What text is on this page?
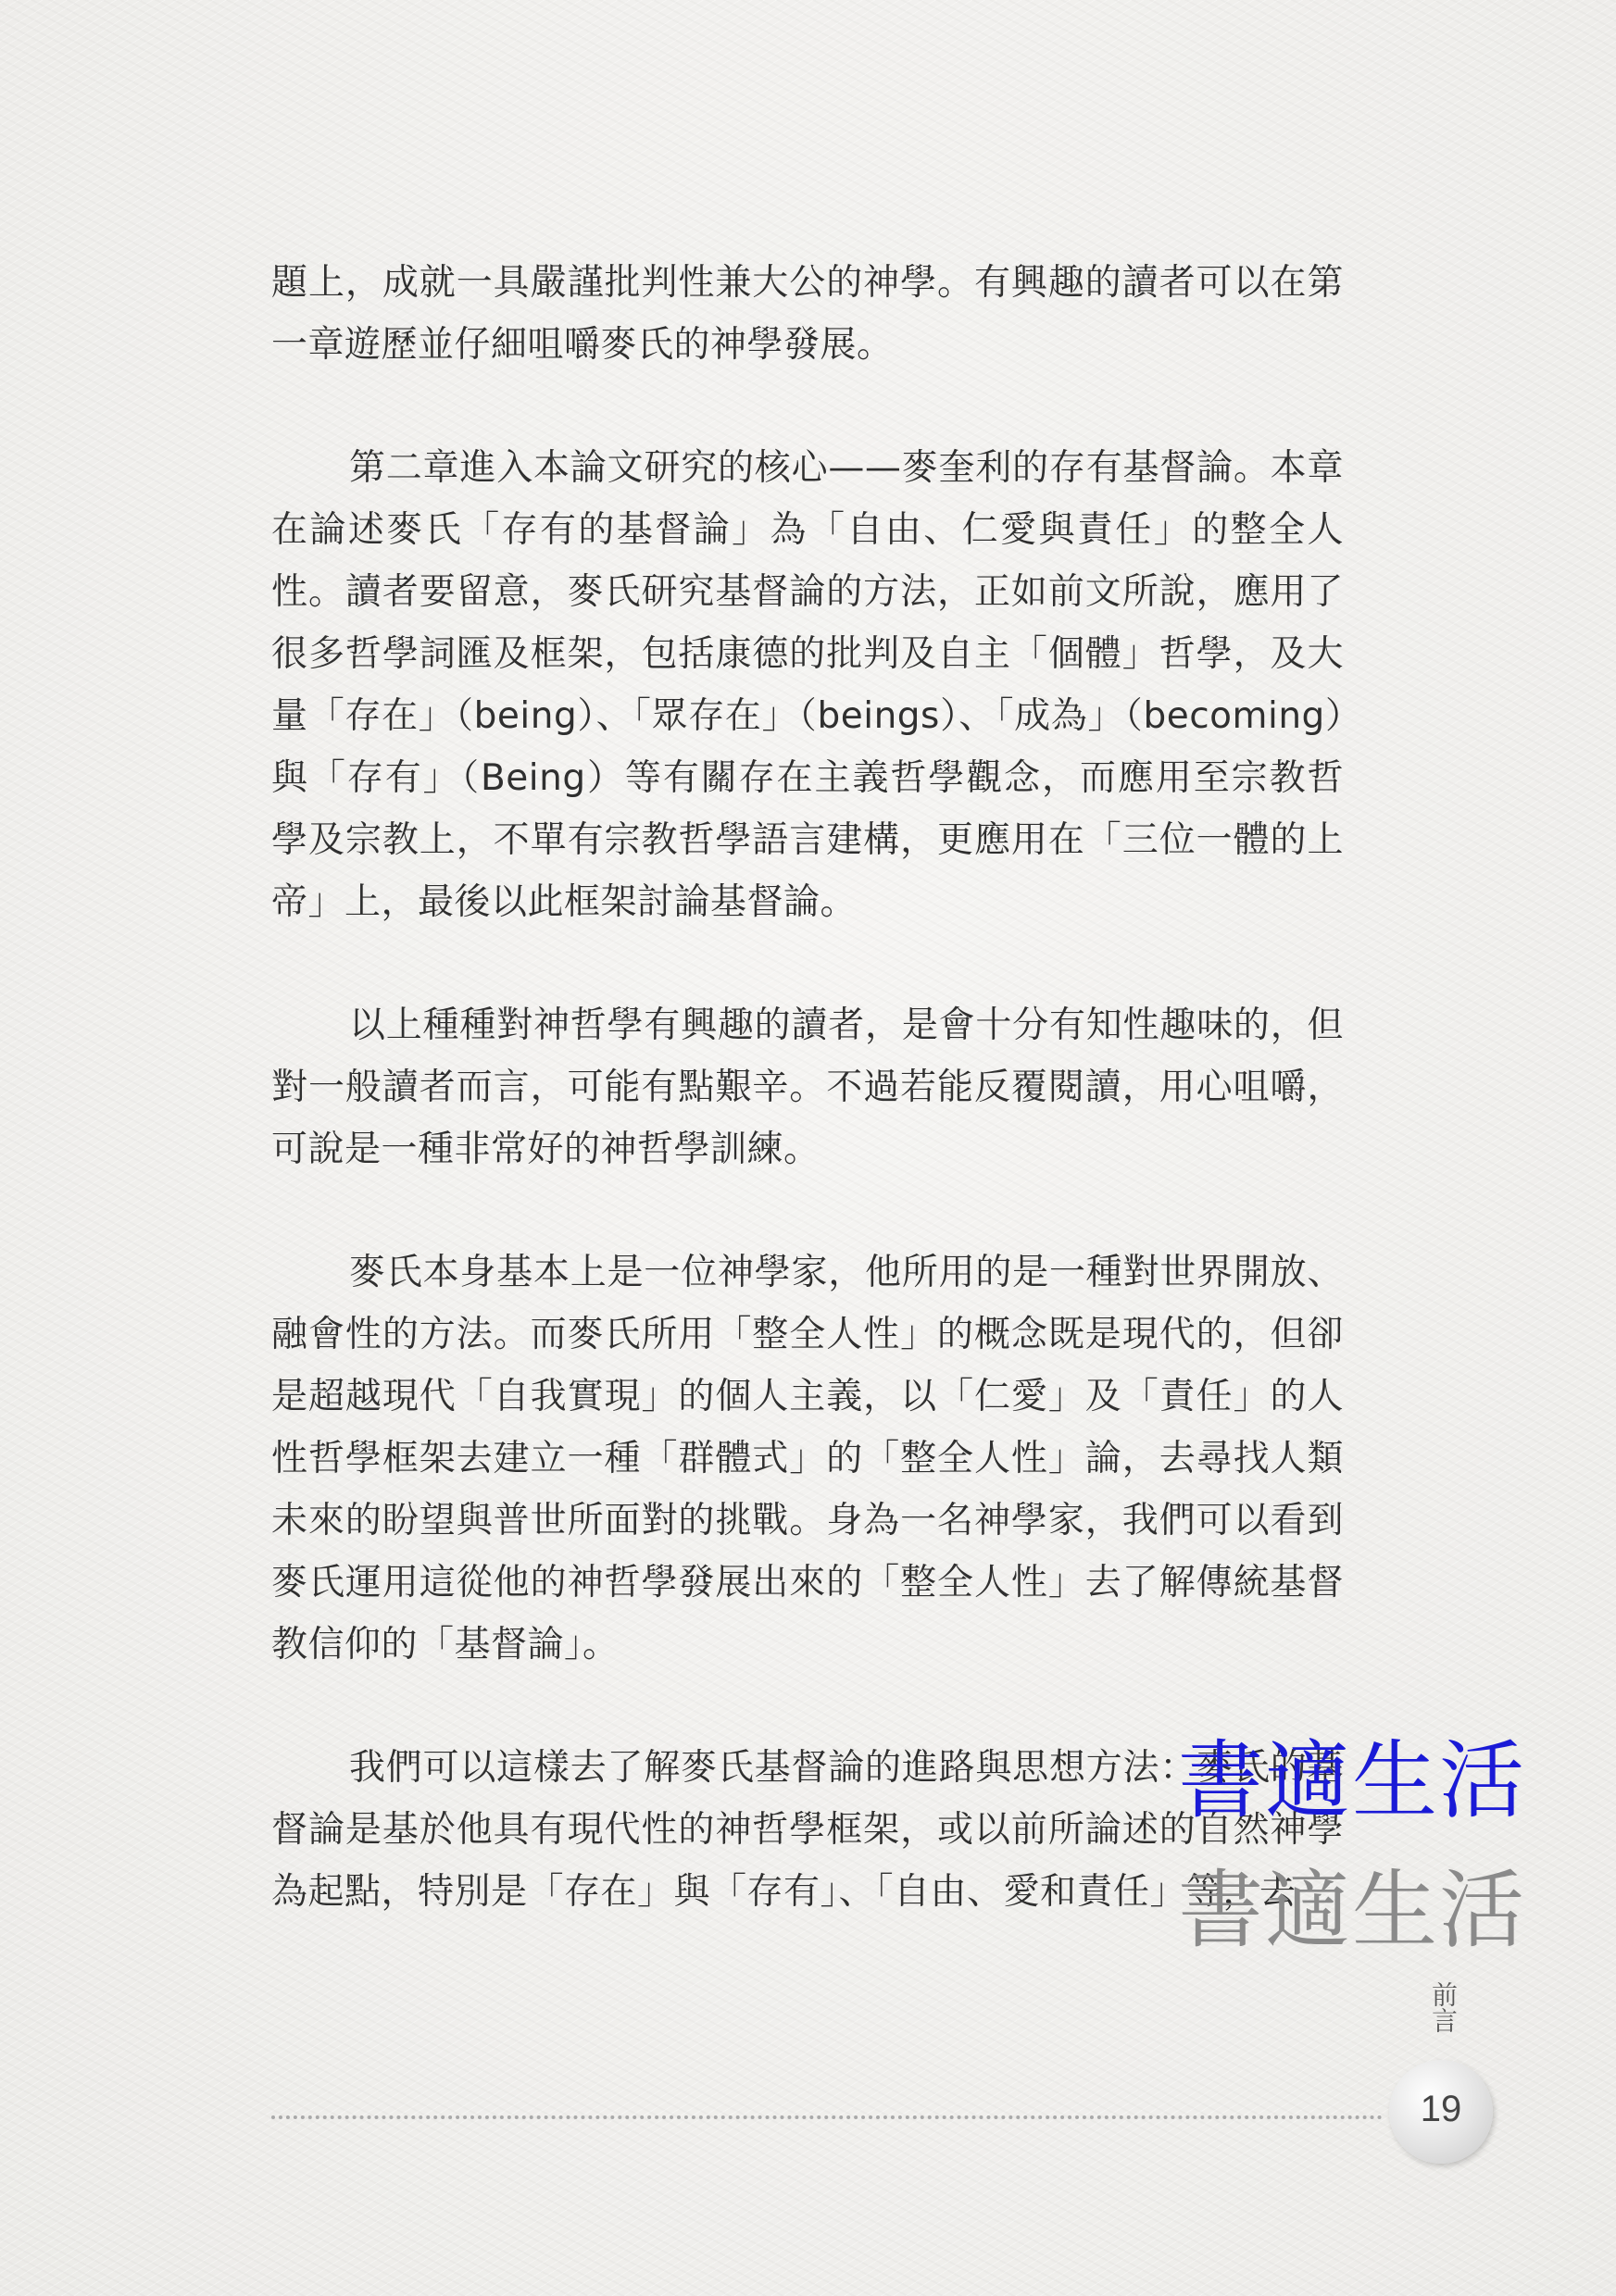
題上，成就一具嚴謹批判性兼大公的神學。有興趣的讀者可以在第一章遊歷並仔細咀嚼麥氏的神學發展。

第二章進入本論文研究的核心——麥奎利的存有基督論。本章在論述麥氏「存有的基督論」為「自由、仁愛與責任」的整全人性。讀者要留意，麥氏研究基督論的方法，正如前文所說，應用了很多哲學詞匯及框架，包括康德的批判及自主「個體」哲學，及大量「存在」（being）、「眾存在」（beings）、「成為」（becoming）與「存有」（Being）等有關存在主義哲學觀念，而應用至宗教哲學及宗教上，不單有宗教哲學語言建構，更應用在「三位一體的上帝」上，最後以此框架討論基督論。

以上種種對神哲學有興趣的讀者，是會十分有知性趣味的，但對一般讀者而言，可能有點艱辛。不過若能反覆閱讀，用心咀嚼，可說是一種非常好的神哲學訓練。

麥氏本身基本上是一位神學家，他所用的是一種對世界開放、融會性的方法。而麥氏所用「整全人性」的概念既是現代的，但卻是超越現代「自我實現」的個人主義，以「仁愛」及「責任」的人性哲學框架去建立一種「群體式」的「整全人性」論，去尋找人類未來的盼望與普世所面對的挑戰。身為一名神學家，我們可以看到麥氏運用這從他的神哲學發展出來的「整全人性」去了解傳統基督教信仰的「基督論」。

我們可以這樣去了解麥氏基督論的進路與思想方法：麥氏的基督論是基於他具有現代性的神哲學框架，或以前所論述的自然神學為起點，特別是「存在」與「存有」、「自由、愛和責任」等，去

書適生活
書適生活
前言
19
